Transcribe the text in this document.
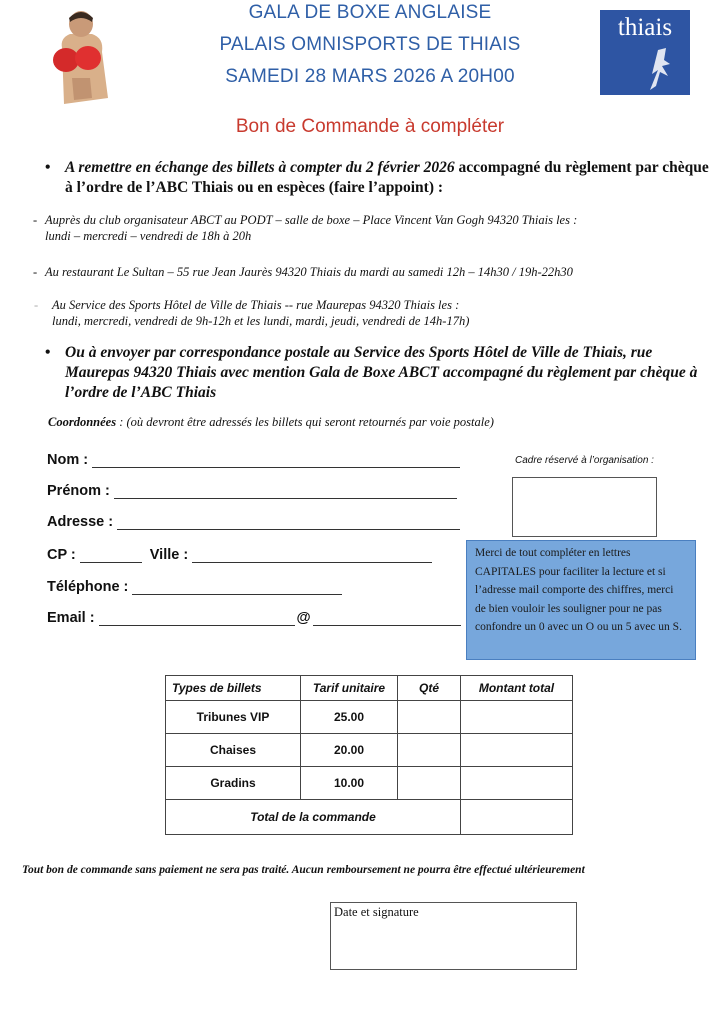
GALA DE BOXE ANGLAISE
PALAIS OMNISPORTS DE THIAIS
SAMEDI 28 MARS 2026 A 20H00
thiais
Bon de Commande à compléter
• A remettre en échange des billets à compter du 2 février 2026 accompagné du règlement par chèque à l’ordre de l’ABC Thiais ou en espèces (faire l’appoint) :
- Auprès du club organisateur ABCT au PODT – salle de boxe – Place Vincent Van Gogh 94320 Thiais les :
lundi – mercredi – vendredi de 18h à 20h
- Au restaurant Le Sultan – 55 rue Jean Jaurès 94320 Thiais du mardi au samedi 12h – 14h30 / 19h-22h30
- Au Service des Sports Hôtel de Ville de Thiais -- rue Maurepas 94320 Thiais les :
lundi, mercredi, vendredi de 9h-12h et les lundi, mardi, jeudi, vendredi de 14h-17h)
• Ou à envoyer par correspondance postale au Service des Sports Hôtel de Ville de Thiais, rue Maurepas 94320 Thiais avec mention Gala de Boxe ABCT accompagné du règlement par chèque à l’ordre de l’ABC Thiais
Coordonnées : (où devront être adressés les billets qui seront retournés par voie postale)
Nom :
Prénom :
Adresse :
CP :	Ville :
Téléphone :
Email :	@
Cadre réservé à l’organisation :
Merci de tout compléter en lettres CAPITALES pour faciliter la lecture et si l’adresse mail comporte des chiffres, merci de bien vouloir les souligner pour ne pas confondre un 0 avec un O ou un 5 avec un S.
Types de billets	Tarif unitaire	Qté	Montant total
Tribunes VIP	25.00		
Chaises	20.00		
Gradins	10.00		
Total de la commande			
Tout bon de commande sans paiement ne sera pas traité. Aucun remboursement ne pourra être effectué ultérieurement
Date et signature
